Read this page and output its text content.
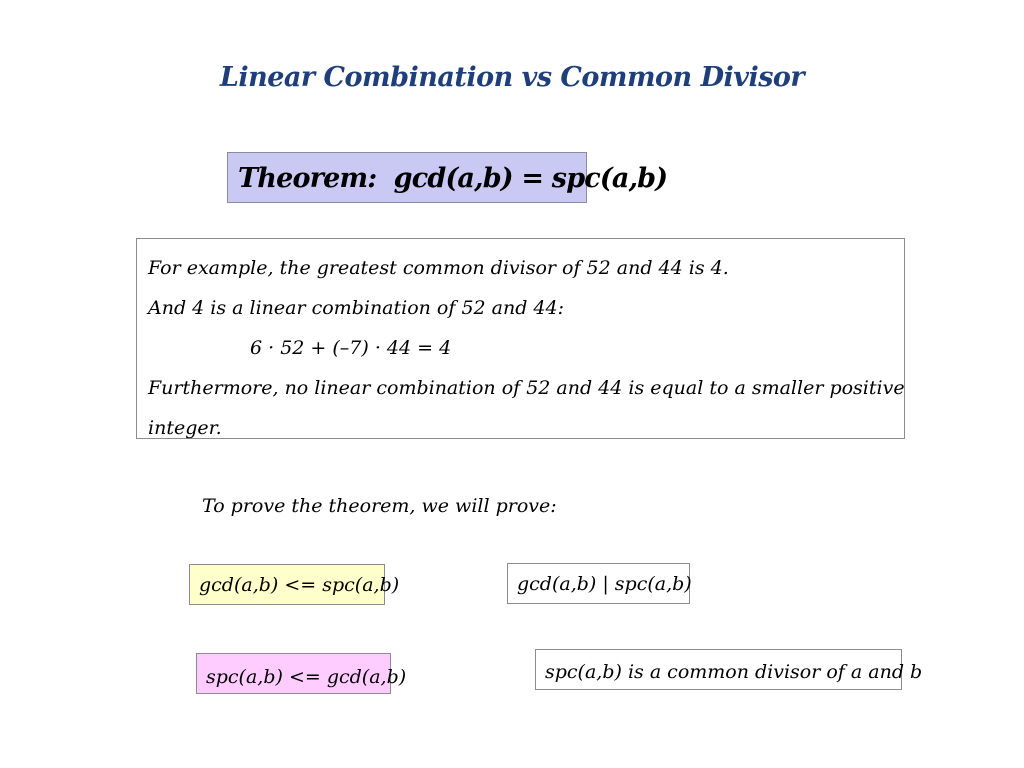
Linear Combination vs Common Divisor
Theorem:  gcd(a,b) = spc(a,b)
For example, the greatest common divisor of 52 and 44 is 4.
And 4 is a linear combination of 52 and 44:
6 · 52 + (–7) · 44 = 4
Furthermore, no linear combination of 52 and 44 is equal to a smaller positive
integer.
To prove the theorem, we will prove:
gcd(a,b) <= spc(a,b)	gcd(a,b) | spc(a,b)
spc(a,b) <= gcd(a,b)	spc(a,b) is a common divisor of a and b
